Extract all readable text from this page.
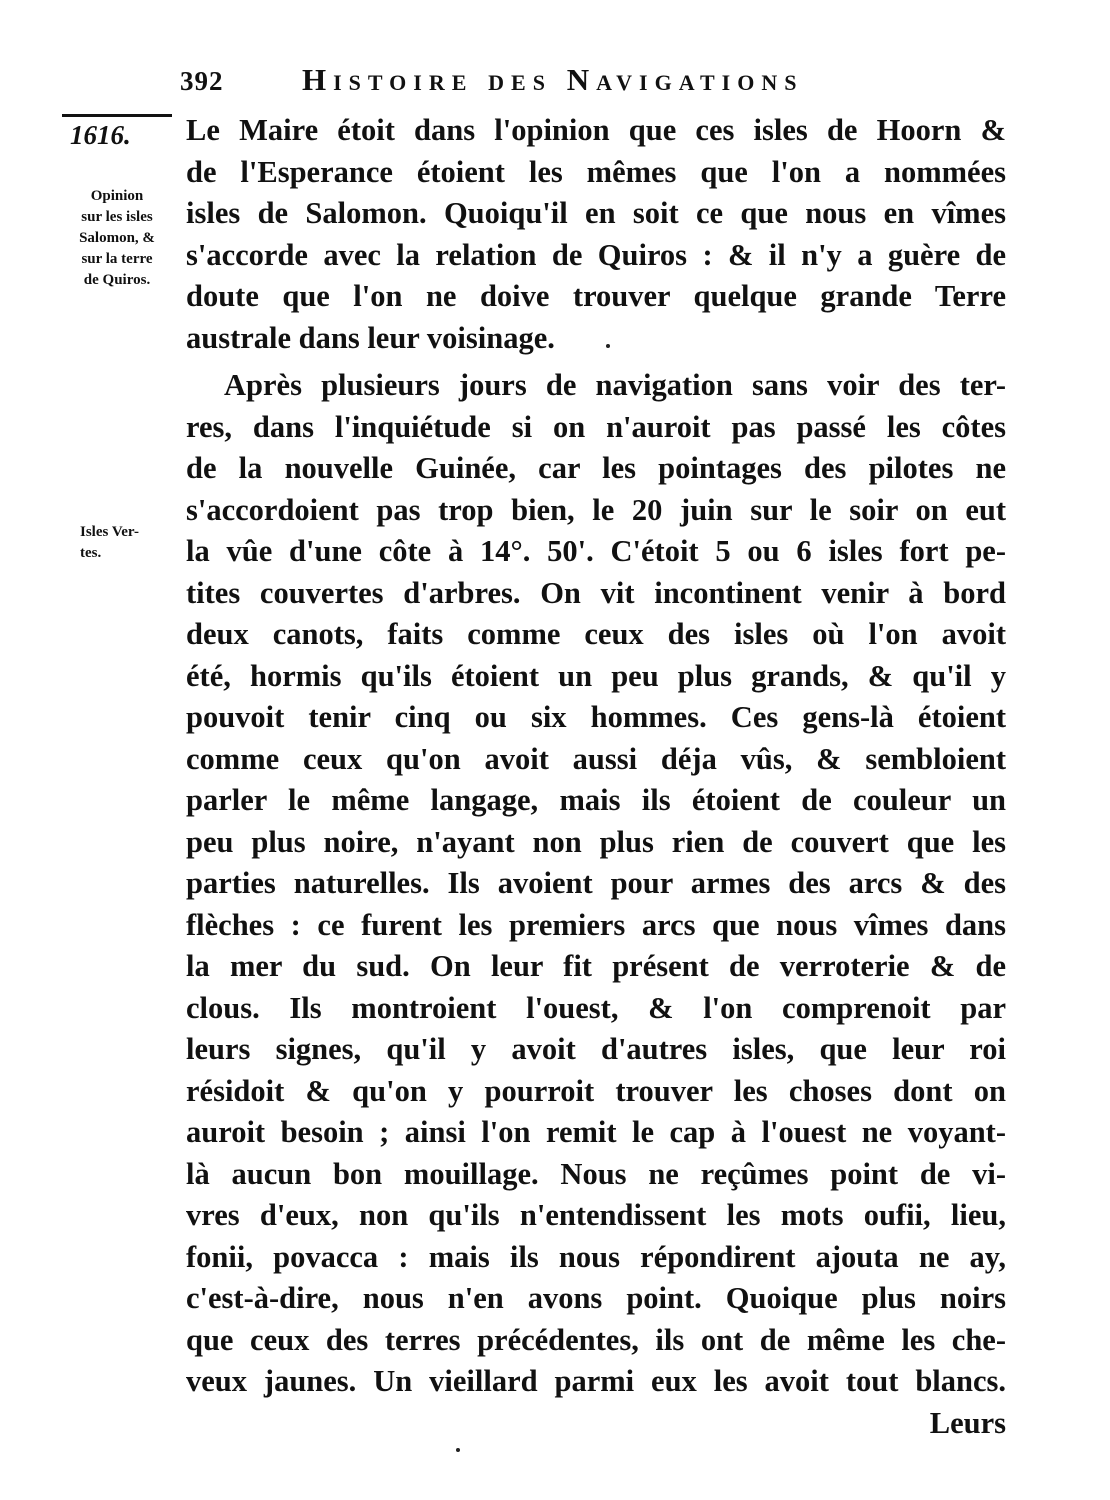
392	Histoire des Navigations
1616.
Opinion
sur les isles
Salomon, &
sur la terre
de Quiros.
Isles Ver-
tes.
Le Maire étoit dans l'opinion que ces isles de Hoorn &
de l'Esperance étoient les mêmes que l'on a nommées
isles de Salomon. Quoiqu'il en soit ce que nous en vîmes
s'accorde avec la relation de Quiros : & il n'y a guère de
doute que l'on ne doive trouver quelque grande Terre
australe dans leur voisinage.
Après plusieurs jours de navigation sans voir des ter-
res, dans l'inquiétude si on n'auroit pas passé les côtes
de la nouvelle Guinée, car les pointages des pilotes ne
s'accordoient pas trop bien, le 20 juin sur le soir on eut
la vûe d'une côte à 14°. 50'. C'étoit 5 ou 6 isles fort pe-
tites couvertes d'arbres. On vit incontinent venir à bord
deux canots, faits comme ceux des isles où l'on avoit
été, hormis qu'ils étoient un peu plus grands, & qu'il y
pouvoit tenir cinq ou six hommes. Ces gens-là étoient
comme ceux qu'on avoit aussi déja vûs, & sembloient
parler le même langage, mais ils étoient de couleur un
peu plus noire, n'ayant non plus rien de couvert que les
parties naturelles. Ils avoient pour armes des arcs & des
flèches : ce furent les premiers arcs que nous vîmes dans
la mer du sud. On leur fit présent de verroterie & de
clous. Ils montroient l'ouest, & l'on comprenoit par
leurs signes, qu'il y avoit d'autres isles, que leur roi
résidoit & qu'on y pourroit trouver les choses dont on
auroit besoin ; ainsi l'on remit le cap à l'ouest ne voyant-
là aucun bon mouillage. Nous ne reçûmes point de vi-
vres d'eux, non qu'ils n'entendissent les mots oufii, lieu,
fonii, povacca : mais ils nous répondirent ajouta ne ay,
c'est-à-dire, nous n'en avons point. Quoique plus noirs
que ceux des terres précédentes, ils ont de même les che-
veux jaunes. Un vieillard parmi eux les avoit tout blancs.
Leurs
